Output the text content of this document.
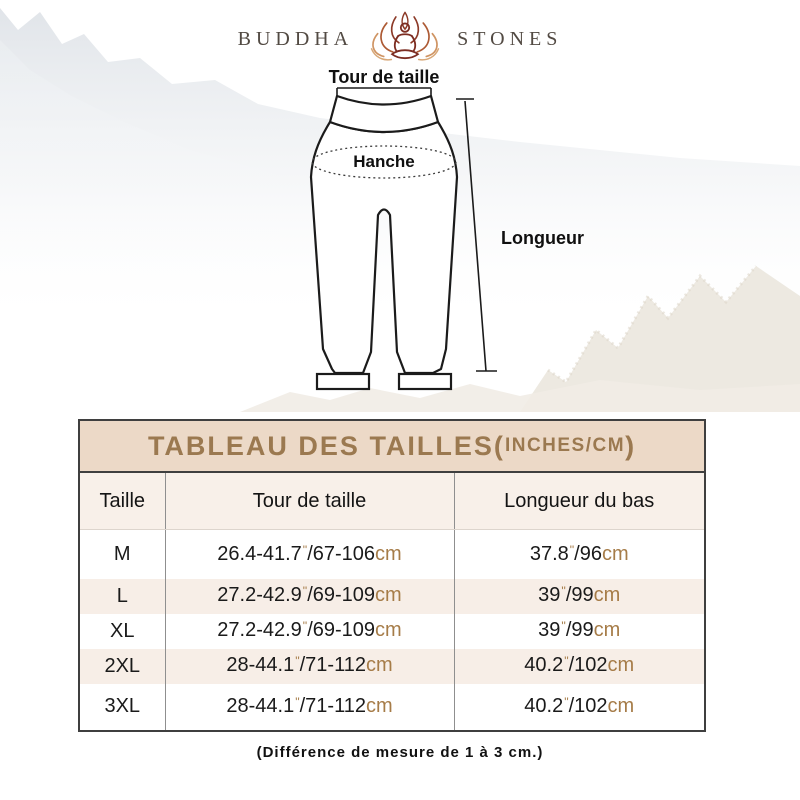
BUDDHA	STONES
Tour de taille
Hanche
Longueur
TABLEAU DES TAILLES( INCHES/CM )
Taille	Tour de taille	Longueur du bas
M	26.4-41.7"/67-106cm	37.8"/96cm
L	27.2-42.9"/69-109cm	39"/99cm
XL	27.2-42.9"/69-109cm	39"/99cm
2XL	28-44.1"/71-112cm	40.2"/102cm
3XL	28-44.1"/71-112cm	40.2"/102cm
(Différence de mesure de 1 à 3 cm.)
